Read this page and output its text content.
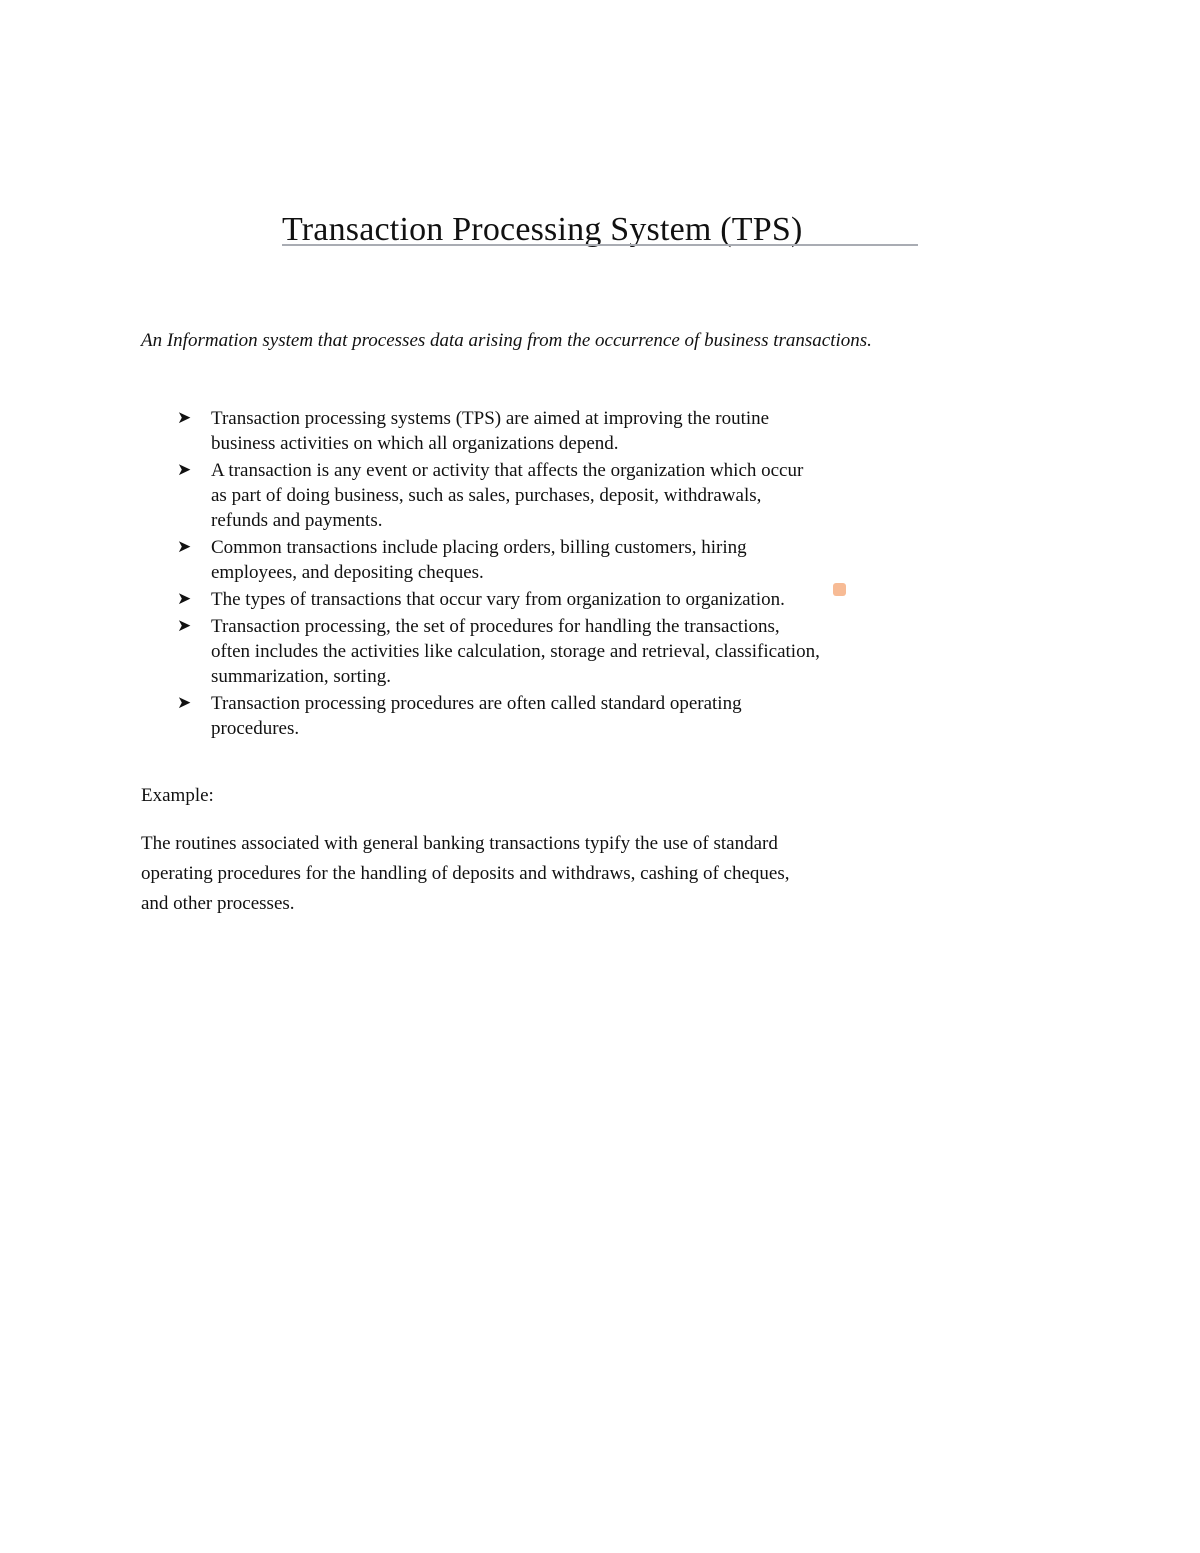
Transaction Processing System (TPS)
An Information system that processes data arising from the occurrence of business transactions.
➤ Transaction processing systems (TPS) are aimed at improving the routine
business activities on which all organizations depend.
➤ A transaction is any event or activity that affects the organization which occur
as part of doing business, such as sales, purchases, deposit, withdrawals,
refunds and payments.
➤ Common transactions include placing orders, billing customers, hiring
employees, and depositing cheques.
➤ The types of transactions that occur vary from organization to organization.
➤ Transaction processing, the set of procedures for handling the transactions,
often includes the activities like calculation, storage and retrieval, classification,
summarization, sorting.
➤ Transaction processing procedures are often called standard operating
procedures.
Example:
The routines associated with general banking transactions typify the use of standard
operating procedures for the handling of deposits and withdraws, cashing of cheques,
and other processes.
